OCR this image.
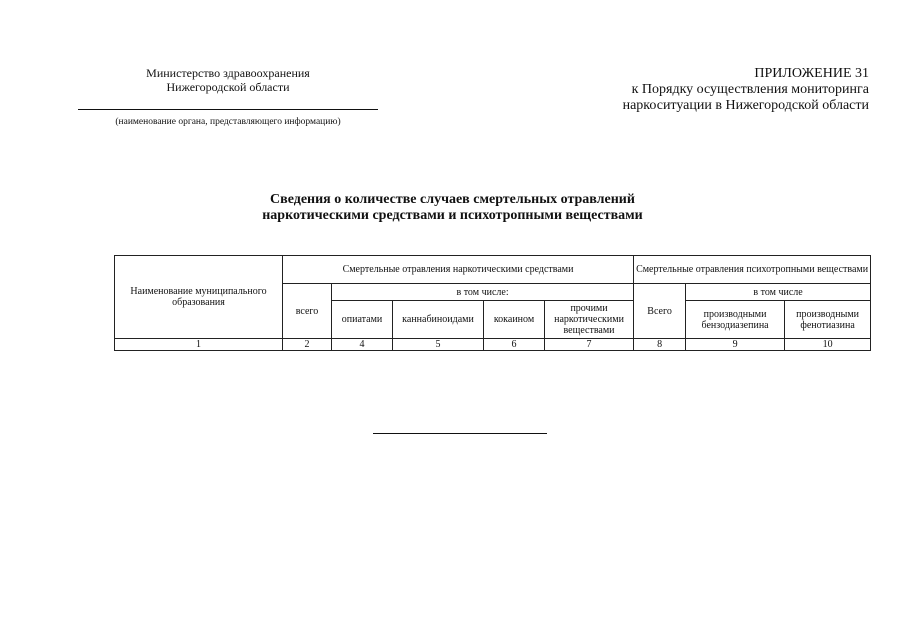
Министерство здравоохранения
Нижегородской области
(наименование органа, представляющего информацию)
ПРИЛОЖЕНИЕ 31
к Порядку осуществления мониторинга
наркоситуации в Нижегородской области
Сведения о количестве случаев смертельных отравлений
наркотическими средствами и психотропными веществами
Наименование муниципального образования	Смертельные отравления наркотическими средствами					Смертельные отравления психотропными веществами		
	всего	в том числе:				Всего	в том числе	
		опиатами	каннабиноидами	кокаином	прочими наркотическими веществами		производными бензодиазепина	производными фенотиазина
1	2	4	5	6	7	8	9	10
